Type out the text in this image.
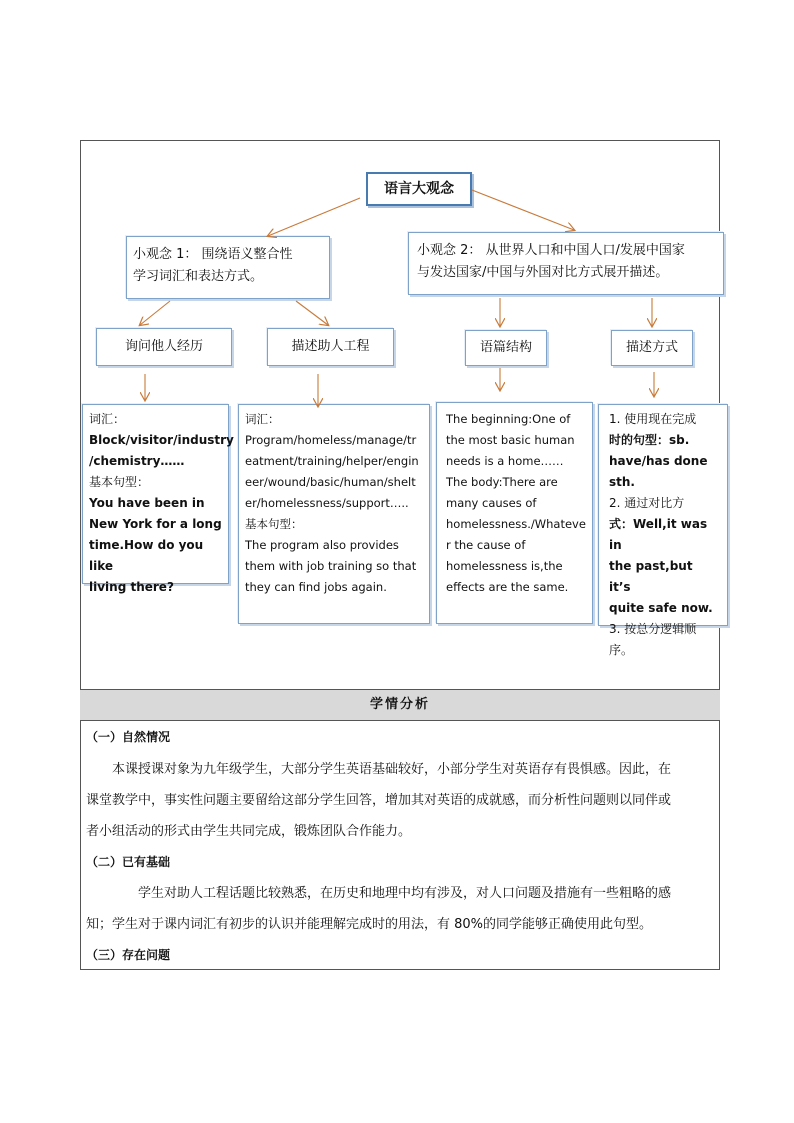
语言大观念
小观念 1： 围绕语义整合性
学习词汇和表达方式。
小观念 2： 从世界人口和中国人口/发展中国家
与发达国家/中国与外国对比方式展开描述。
询问他人经历	描述助人工程	语篇结构	描述方式
词汇：
Block/visitor/industry
/chemistry……
基本句型：
You have been in
New York for a long
time.How do you like
living there?
词汇：
Program/homeless/manage/tr
eatment/training/helper/engin
eer/wound/basic/human/shelt
er/homelessness/support…..
基本句型：
The program also provides
them with job training so that
they can find jobs again.
The beginning:One of
the most basic human
needs is a home……
The body:There are
many causes of
homelessness./Whateve
r the cause of
homelessness is,the
effects are the same.
1. 使用现在完成
时的句型：sb.
have/has done
sth.
2. 通过对比方
式：Well,it was in
the past,but it’s
quite safe now.
3. 按总分逻辑顺
序。
学情分析
（一）自然情况
本课授课对象为九年级学生，大部分学生英语基础较好，小部分学生对英语存有畏惧感。因此，在
课堂教学中，事实性问题主要留给这部分学生回答，增加其对英语的成就感，而分析性问题则以同伴或
者小组活动的形式由学生共同完成，锻炼团队合作能力。
（二）已有基础
学生对助人工程话题比较熟悉，在历史和地理中均有涉及，对人口问题及措施有一些粗略的感
知；学生对于课内词汇有初步的认识并能理解完成时的用法，有 80%的同学能够正确使用此句型。
（三）存在问题
